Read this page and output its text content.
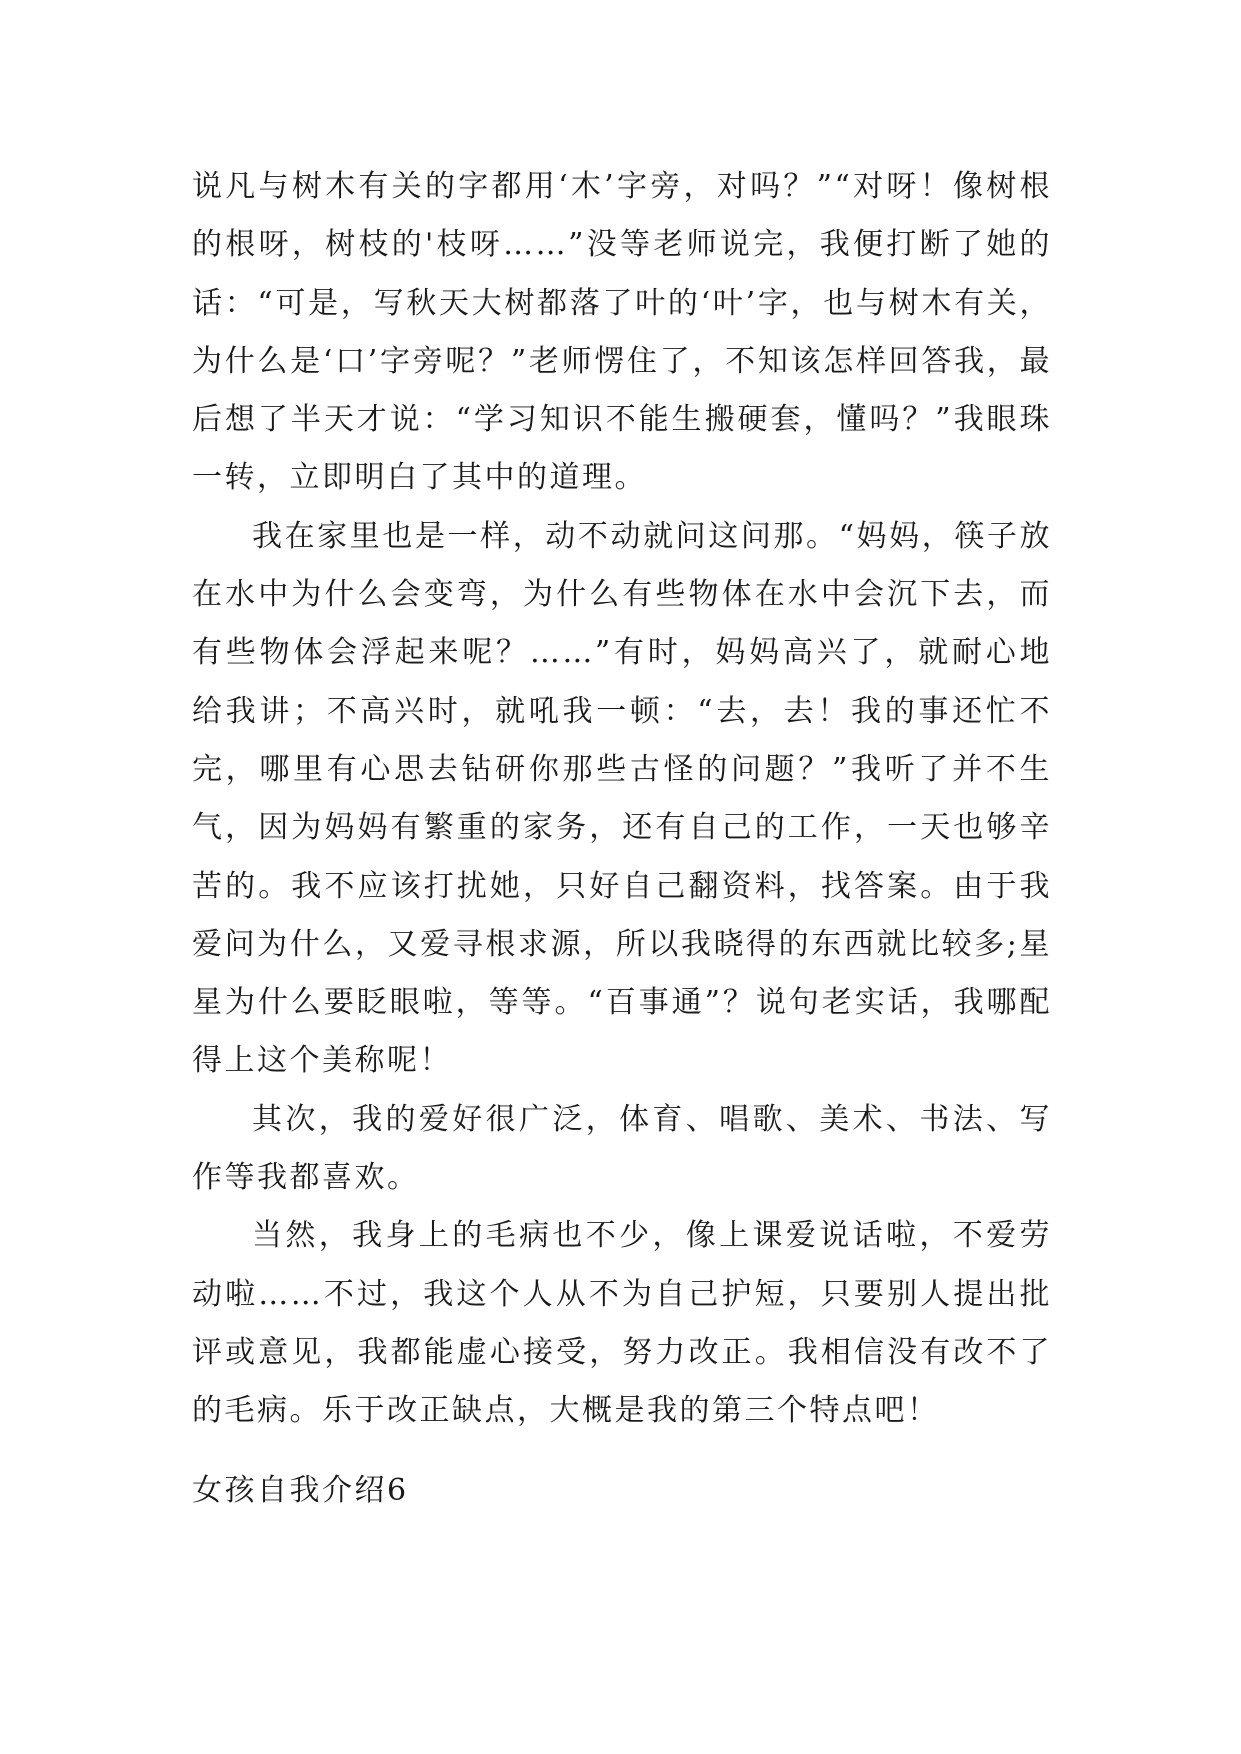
说凡与树木有关的字都用‘木’字旁，对吗？”“对呀！像树根的根呀，树枝的'枝呀……”没等老师说完，我便打断了她的话：“可是，写秋天大树都落了叶的‘叶’字，也与树木有关，为什么是‘口’字旁呢？”老师愣住了，不知该怎样回答我，最后想了半天才说：“学习知识不能生搬硬套，懂吗？”我眼珠一转，立即明白了其中的道理。

我在家里也是一样，动不动就问这问那。“妈妈，筷子放在水中为什么会变弯，为什么有些物体在水中会沉下去，而有些物体会浮起来呢？……”有时，妈妈高兴了，就耐心地给我讲；不高兴时，就吼我一顿：“去，去！我的事还忙不完，哪里有心思去钻研你那些古怪的问题？”我听了并不生气，因为妈妈有繁重的家务，还有自己的工作，一天也够辛苦的。我不应该打扰她，只好自己翻资料，找答案。由于我爱问为什么，又爱寻根求源，所以我晓得的东西就比较多;星星为什么要眨眼啦，等等。“百事通”？说句老实话，我哪配得上这个美称呢！

其次，我的爱好很广泛，体育、唱歌、美术、书法、写作等我都喜欢。

当然，我身上的毛病也不少，像上课爱说话啦，不爱劳动啦……不过，我这个人从不为自己护短，只要别人提出批评或意见，我都能虚心接受，努力改正。我相信没有改不了的毛病。乐于改正缺点，大概是我的第三个特点吧！

女孩自我介绍6
